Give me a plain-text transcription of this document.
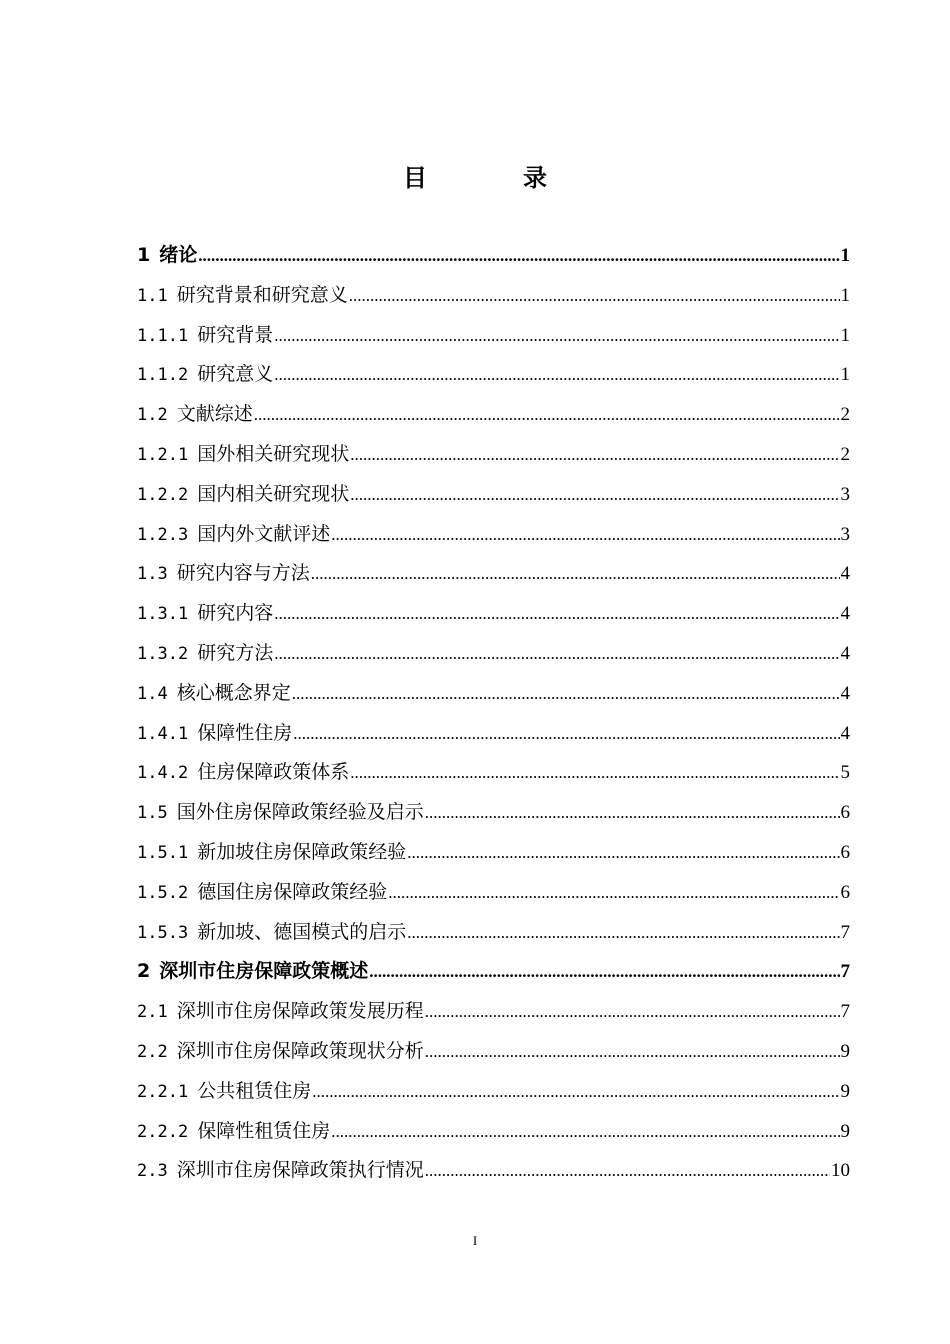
目　录
1 绪论 .....	1
1.1 研究背景和研究意义 .....	1
1.1.1 研究背景 .....	1
1.1.2 研究意义 .....	1
1.2 文献综述 .....	2
1.2.1 国外相关研究现状 .....	2
1.2.2 国内相关研究现状 .....	3
1.2.3 国内外文献评述 .....	3
1.3 研究内容与方法 .....	4
1.3.1 研究内容 .....	4
1.3.2 研究方法 .....	4
1.4 核心概念界定 .....	4
1.4.1 保障性住房 .....	4
1.4.2 住房保障政策体系 .....	5
1.5 国外住房保障政策经验及启示 .....	6
1.5.1 新加坡住房保障政策经验 .....	6
1.5.2 德国住房保障政策经验 .....	6
1.5.3 新加坡、德国模式的启示 .....	7
2 深圳市住房保障政策概述 .....	7
2.1 深圳市住房保障政策发展历程 .....	7
2.2 深圳市住房保障政策现状分析 .....	9
2.2.1 公共租赁住房 .....	9
2.2.2 保障性租赁住房 .....	9
2.3 深圳市住房保障政策执行情况 .....	10
I
